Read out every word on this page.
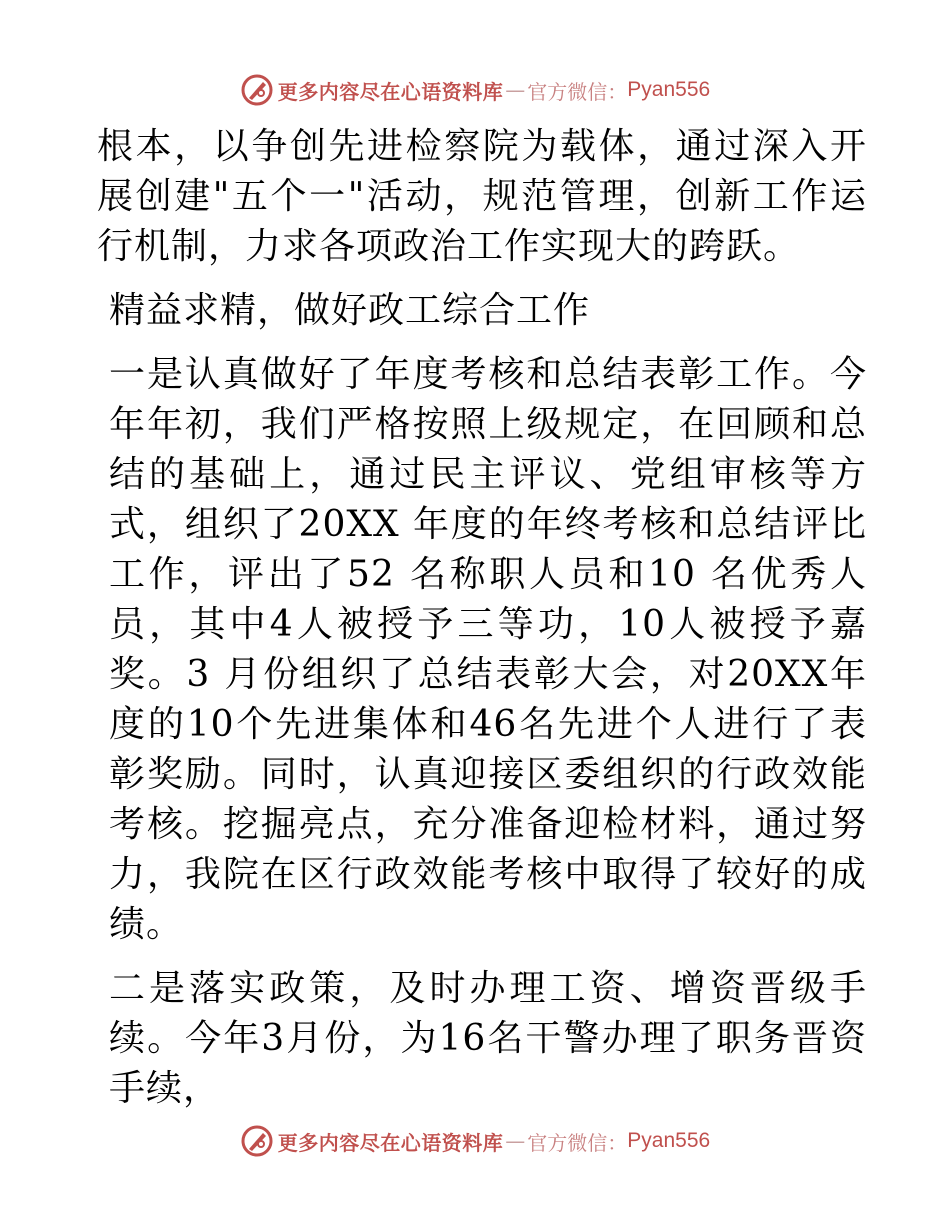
更多内容尽在心语资料库 — 官方微信： Pyan556

根本，以争创先进检察院为载体，通过深入开展创建"五个一"活动，规范管理，创新工作运行机制，力求各项政治工作实现大的跨跃。

精益求精，做好政工综合工作

一是认真做好了年度考核和总结表彰工作。今年年初，我们严格按照上级规定，在回顾和总结的基础上，通过民主评议、党组审核等方式，组织了20XX 年度的年终考核和总结评比工作，评出了52 名称职人员和10 名优秀人员，其中4人被授予三等功，10人被授予嘉奖。3 月份组织了总结表彰大会，对20XX年度的10个先进集体和46名先进个人进行了表彰奖励。同时，认真迎接区委组织的行政效能考核。挖掘亮点，充分准备迎检材料，通过努力，我院在区行政效能考核中取得了较好的成绩。

二是落实政策，及时办理工资、增资晋级手续。今年3月份，为16名干警办理了职务晋资手续，

更多内容尽在心语资料库 — 官方微信： Pyan556
